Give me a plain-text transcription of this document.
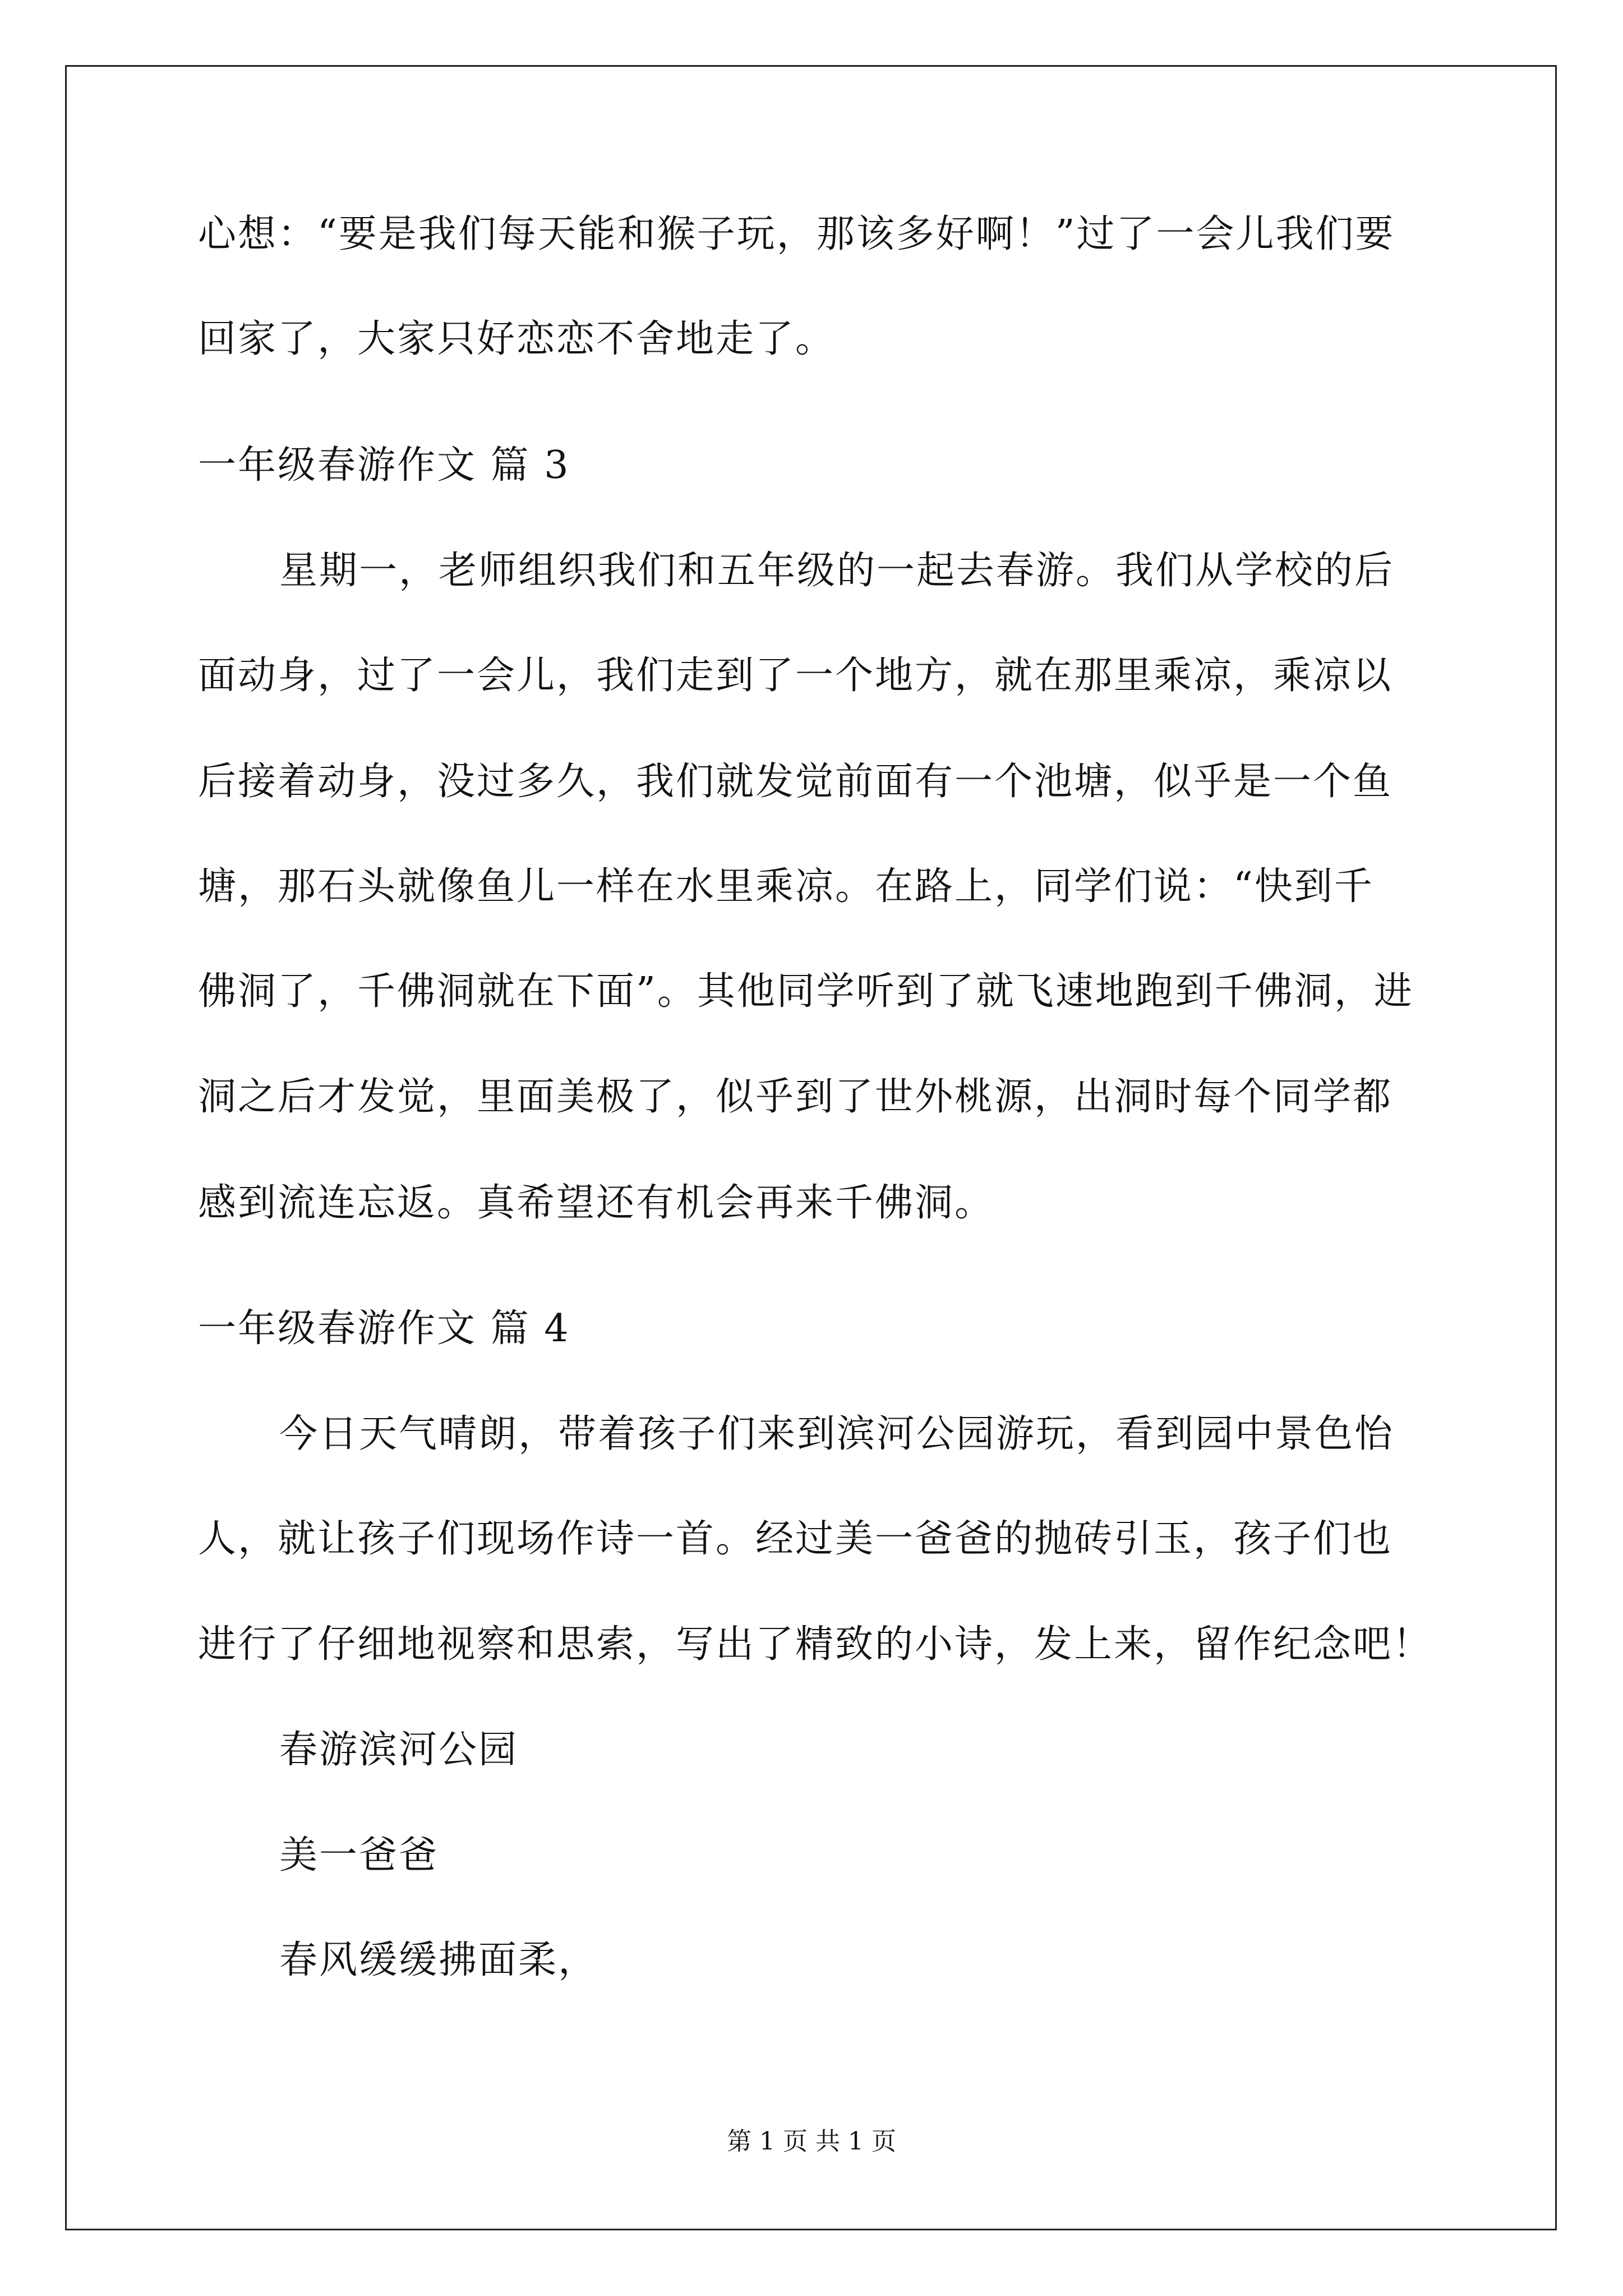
心想：“要是我们每天能和猴子玩，那该多好啊！”过了一会儿我们要
回家了，大家只好恋恋不舍地走了。
一年级春游作文 篇 3
星期一，老师组织我们和五年级的一起去春游。我们从学校的后
面动身，过了一会儿，我们走到了一个地方，就在那里乘凉，乘凉以
后接着动身，没过多久，我们就发觉前面有一个池塘，似乎是一个鱼
塘，那石头就像鱼儿一样在水里乘凉。在路上，同学们说：“快到千
佛洞了，千佛洞就在下面”。其他同学听到了就飞速地跑到千佛洞，进
洞之后才发觉，里面美极了，似乎到了世外桃源，出洞时每个同学都
感到流连忘返。真希望还有机会再来千佛洞。
一年级春游作文 篇 4
今日天气晴朗，带着孩子们来到滨河公园游玩，看到园中景色怡
人，就让孩子们现场作诗一首。经过美一爸爸的抛砖引玉，孩子们也
进行了仔细地视察和思索，写出了精致的小诗，发上来，留作纪念吧！
春游滨河公园
美一爸爸
春风缓缓拂面柔，
第 1 页 共 1 页
